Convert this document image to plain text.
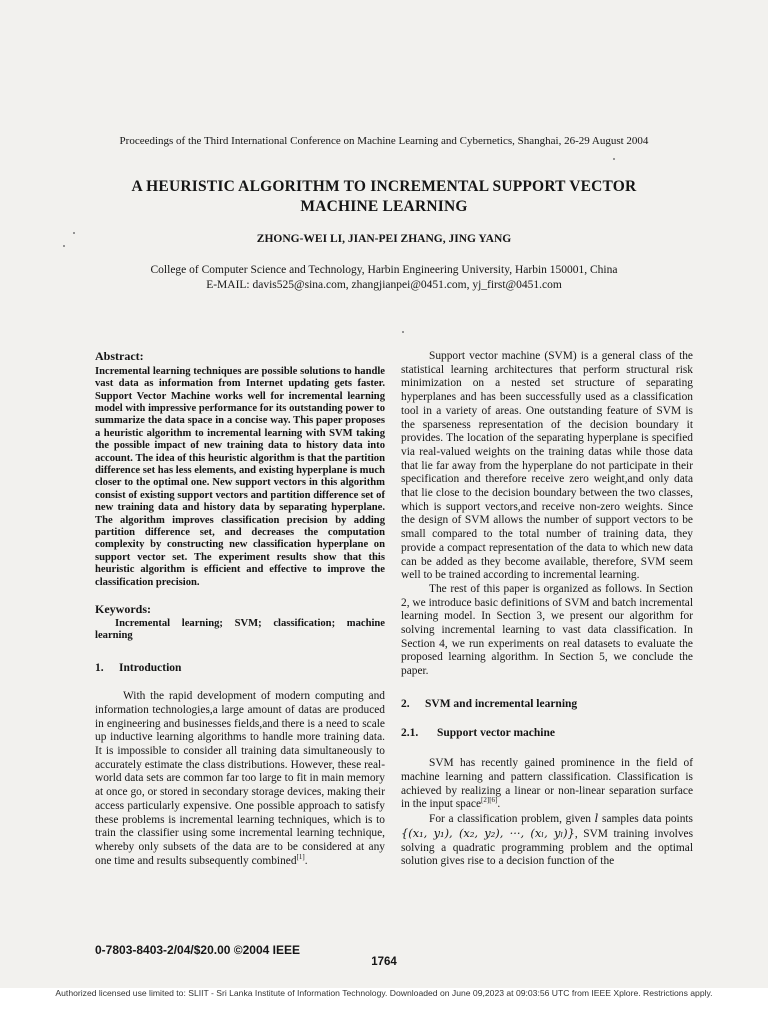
Proceedings of the Third International Conference on Machine Learning and Cybernetics, Shanghai, 26-29 August 2004
A HEURISTIC ALGORITHM TO INCREMENTAL SUPPORT VECTOR
MACHINE LEARNING
ZHONG-WEI LI, JIAN-PEI ZHANG, JING YANG
College of Computer Science and Technology, Harbin Engineering University, Harbin 150001, China
E-MAIL: davis525@sina.com, zhangjianpei@0451.com, yj_first@0451.com
Abstract:

Incremental learning techniques are possible solutions to handle vast data as information from Internet updating gets faster. Support Vector Machine works well for incremental learning model with impressive performance for its outstanding power to summarize the data space in a concise way. This paper proposes a heuristic algorithm to incremental learning with SVM taking the possible impact of new training data to history data into account. The idea of this heuristic algorithm is that the partition difference set has less elements, and existing hyperplane is much closer to the optimal one. New support vectors in this algorithm consist of existing support vectors and partition difference set of new training data and history data by separating hyperplane. The algorithm improves classification precision by adding partition difference set, and decreases the computation complexity by constructing new classification hyperplane on support vector set. The experiment results show that this heuristic algorithm is efficient and effective to improve the classification precision.

Keywords:

Incremental learning; SVM; classification; machine learning

1. Introduction

With the rapid development of modern computing and information technologies,a large amount of datas are produced in engineering and businesses fields,and there is a need to scale up inductive learning algorithms to handle more training data. It is impossible to consider all training data simultaneously to accurately estimate the class distributions. However, these real-world data sets are common far too large to fit in main memory at once go, or stored in secondary storage devices, making their access particularly expensive. One possible approach to satisfy these problems is incremental learning techniques, which is to train the classifier using some incremental learning technique, whereby only subsets of the data are to be considered at any one time and results subsequently combined[1].

Support vector machine (SVM) is a general class of the statistical learning architectures that perform structural risk minimization on a nested set structure of separating hyperplanes and has been successfully used as a classification tool in a variety of areas. One outstanding feature of SVM is the sparseness representation of the decision boundary it provides. The location of the separating hyperplane is specified via real-valued weights on the training datas while those data that lie far away from the hyperplane do not participate in their specification and therefore receive zero weight,and only data that lie close to the decision boundary between the two classes, which is support vectors,and receive non-zero weights. Since the design of SVM allows the number of support vectors to be small compared to the total number of training data, they provide a compact representation of the data to which new data can be added as they become available, therefore, SVM seem well to be trained according to incremental learning.

The rest of this paper is organized as follows. In Section 2, we introduce basic definitions of SVM and batch incremental learning model. In Section 3, we present our algorithm for solving incremental learning to vast data classification. In Section 4, we run experiments on real datasets to evaluate the proposed learning algorithm. In Section 5, we conclude the paper.

2. SVM and incremental learning
2.1. Support vector machine

SVM has recently gained prominence in the field of machine learning and pattern classification. Classification is achieved by realizing a linear or non-linear separation surface in the input space[2][6].

For a classification problem, given l samples data points {(x₁, y₁), (x₂, y₂), ···, (xₗ, yₗ)}, SVM training involves solving a quadratic programming problem and the optimal solution gives rise to a decision function of the

0-7803-8403-2/04/$20.00 ©2004 IEEE
1764
Authorized licensed use limited to: SLIIT - Sri Lanka Institute of Information Technology. Downloaded on June 09,2023 at 09:03:56 UTC from IEEE Xplore. Restrictions apply.
